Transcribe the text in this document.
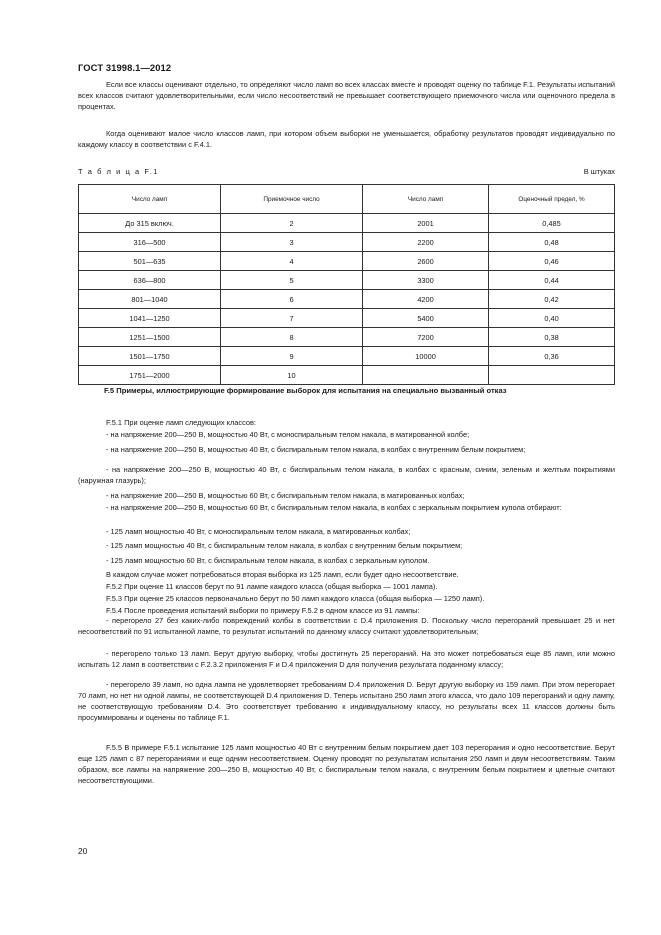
ГОСТ 31998.1—2012

Если все классы оценивают отдельно, то определяют число ламп во всех классах вместе и проводят оценку по таблице F.1. Результаты испытаний всех классов считают удовлетворительными, если число несоответствий не превышает соответствующего приемочного числа или оценочного предела в процентах.

Когда оценивают малое число классов ламп, при котором объем выборки не уменьшается, обработку результатов проводят индивидуально по каждому классу в соответствии с F.4.1.

Т а б л и ц а F.1	В штуках
Число ламп	Приемочное число	Число ламп	Оценочный предел, %
До 315 включ.	2	2001	0,485
316—500	3	2200	0,48
501—635	4	2600	0,46
636—800	5	3300	0,44
801—1040	6	4200	0,42
1041—1250	7	5400	0,40
1251—1500	8	7200	0,38
1501—1750	9	10000	0,36
1751—2000	10		

F.5 Примеры, иллюстрирующие формирование выборок для испытания на специально вызванный отказ

F.5.1 При оценке ламп следующих классов:

- на напряжение 200—250 В, мощностью 40 Вт, с моноспиральным телом накала, в матированной колбе;

- на напряжение 200—250 В, мощностью 40 Вт, с биспиральным телом накала, в колбах с внутренним белым покрытием;

- на напряжение 200—250 В, мощностью 40 Вт, с биспиральным телом накала, в колбах с красным, синим, зеленым и желтым покрытиями (наружная глазурь);

- на напряжение 200—250 В, мощностью 60 Вт, с биспиральным телом накала, в матированных колбах;

- на напряжение 200—250 В, мощностью 60 Вт, с биспиральным телом накала, в колбах с зеркальным покрытием купола отбирают:

- 125 ламп мощностью 40 Вт, с моноспиральным телом накала, в матированных колбах;

- 125 ламп мощностью 40 Вт, с биспиральным телом накала, в колбах с внутренним белым покрытием;

- 125 ламп мощностью 60 Вт, с биспиральным телом накала, в колбах с зеркальным куполом.

В каждом случае может потребоваться вторая выборка из 125 ламп, если будет одно несоответствие.

F.5.2 При оценке 11 классов берут по 91 лампе каждого класса (общая выборка — 1001 лампа).

F.5.3 При оценке 25 классов первоначально берут по 50 ламп каждого класса (общая выборка — 1250 ламп).

F.5.4 После проведения испытаний выборки по примеру F.5.2 в одном классе из 91 лампы:

- перегорело 27 без каких-либо повреждений колбы в соответствии с D.4 приложения D. Поскольку число перегораний превышает 25 и нет несоответствий по 91 испытанной лампе, то результат испытаний по данному классу считают удовлетворительным;

- перегорело только 13 ламп. Берут другую выборку, чтобы достигнуть 25 перегораний. На это может потребоваться еще 85 ламп, или можно испытать 12 ламп в соответствии с F.2.3.2 приложения F и D.4 приложения D для получения результата поданному классу;

- перегорело 39 ламп, но одна лампа не удовлетворяет требованиям D.4 приложения D. Берут другую выборку из 159 ламп. При этом перегорает 70 ламп, но нет ни одной лампы, не соответствующей D.4 приложения D. Теперь испытано 250 ламп этого класса, что дало 109 перегораний и одну лампу, не соответствующую требованиям D.4. Это соответствует требованию к индивидуальному классу, но результаты всех 11 классов должны быть просуммированы и оценены по таблице F.1.

F.5.5 В примере F.5.1 испытание 125 ламп мощностью 40 Вт с внутренним белым покрытием дает 103 перегорания и одно несоответствие. Берут еще 125 ламп с 87 перегораниями и еще одним несоответствием. Оценку проводят по результатам испытания 250 ламп и двум несоответствиям. Таким образом, все лампы на напряжение 200—250 В, мощностью 40 Вт, с биспиральным телом накала, с внутренним белым покрытием и цветные считают несоответствующими.

20
